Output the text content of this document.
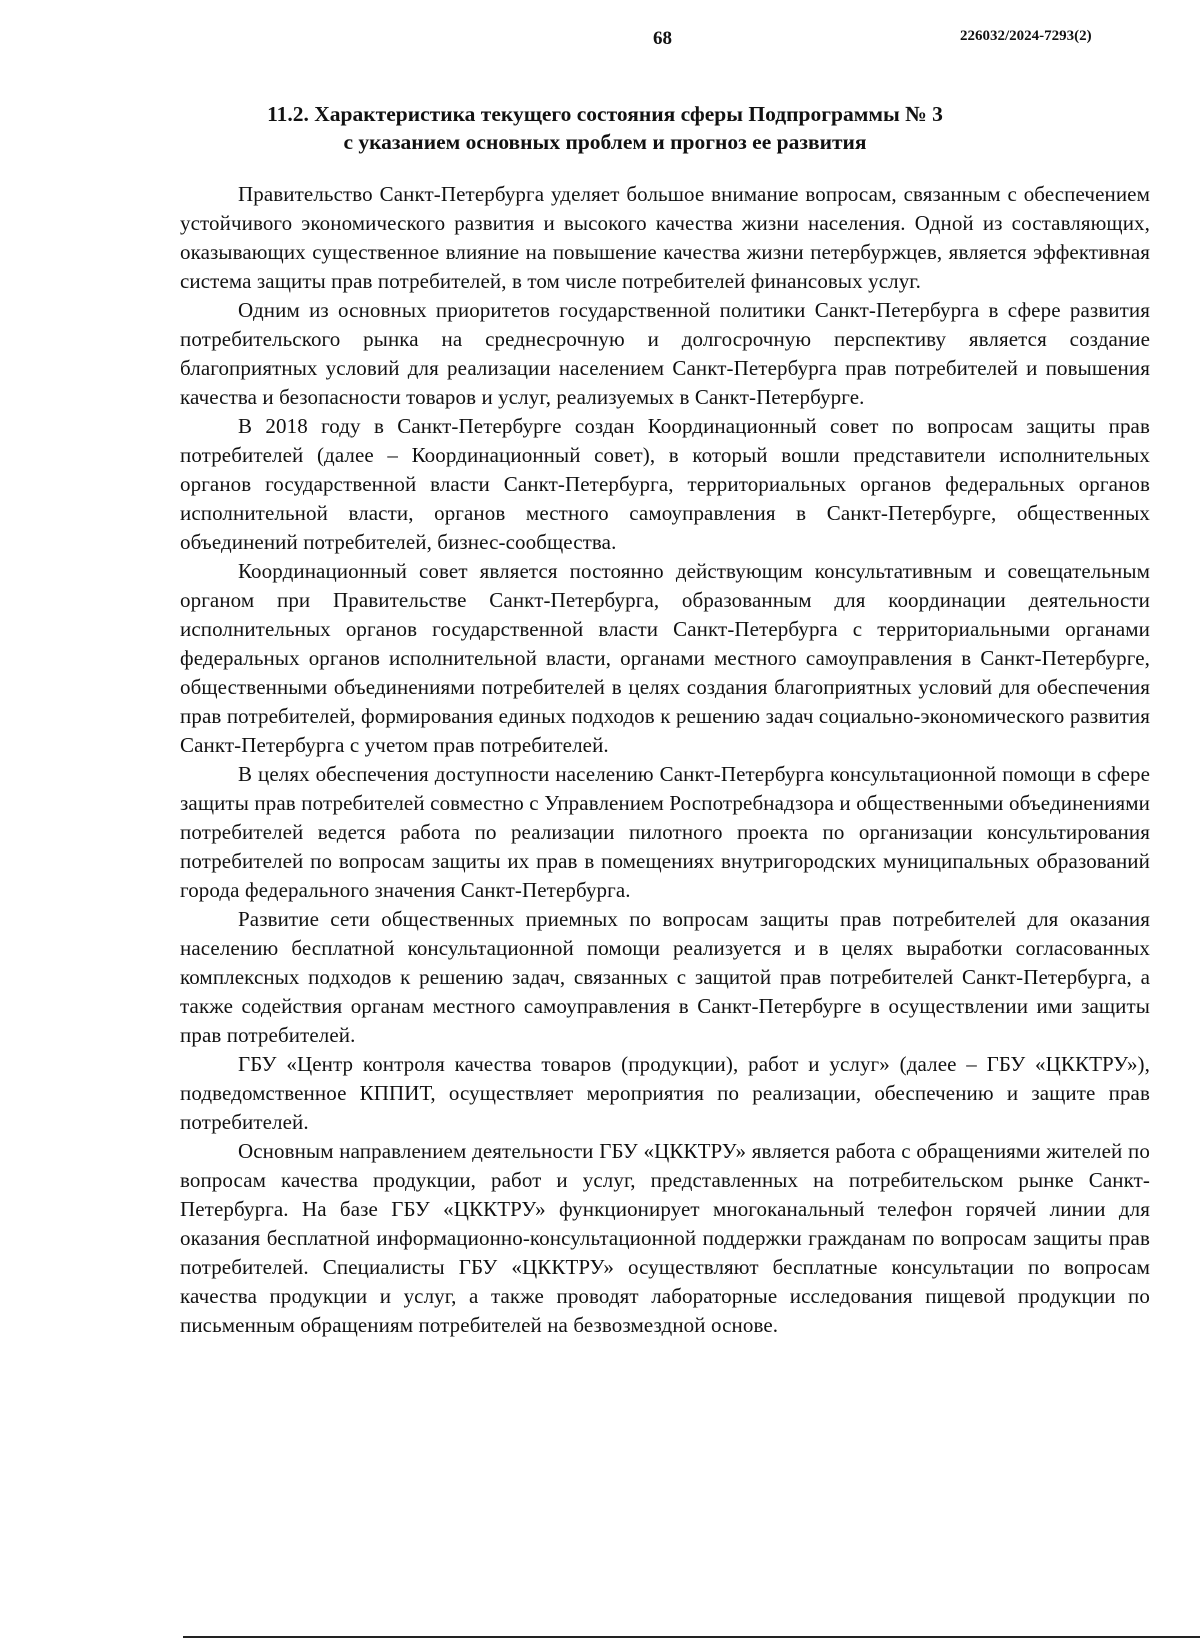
68	226032/2024-7293(2)
11.2. Характеристика текущего состояния сферы Подпрограммы № 3
с указанием основных проблем и прогноз ее развития

Правительство Санкт-Петербурга уделяет большое внимание вопросам, связанным с обеспечением устойчивого экономического развития и высокого качества жизни населения. Одной из составляющих, оказывающих существенное влияние на повышение качества жизни петербуржцев, является эффективная система защиты прав потребителей, в том числе потребителей финансовых услуг.

Одним из основных приоритетов государственной политики Санкт-Петербурга в сфере развития потребительского рынка на среднесрочную и долгосрочную перспективу является создание благоприятных условий для реализации населением Санкт-Петербурга прав потребителей и повышения качества и безопасности товаров и услуг, реализуемых в Санкт-Петербурге.

В 2018 году в Санкт-Петербурге создан Координационный совет по вопросам защиты прав потребителей (далее – Координационный совет), в который вошли представители исполнительных органов государственной власти Санкт-Петербурга, территориальных органов федеральных органов исполнительной власти, органов местного самоуправления в Санкт-Петербурге, общественных объединений потребителей, бизнес-сообщества.

Координационный совет является постоянно действующим консультативным и совещательным органом при Правительстве Санкт-Петербурга, образованным для координации деятельности исполнительных органов государственной власти Санкт-Петербурга с территориальными органами федеральных органов исполнительной власти, органами местного самоуправления в Санкт-Петербурге, общественными объединениями потребителей в целях создания благоприятных условий для обеспечения прав потребителей, формирования единых подходов к решению задач социально-экономического развития Санкт-Петербурга с учетом прав потребителей.

В целях обеспечения доступности населению Санкт-Петербурга консультационной помощи в сфере защиты прав потребителей совместно с Управлением Роспотребнадзора и общественными объединениями потребителей ведется работа по реализации пилотного проекта по организации консультирования потребителей по вопросам защиты их прав в помещениях внутригородских муниципальных образований города федерального значения Санкт-Петербурга.

Развитие сети общественных приемных по вопросам защиты прав потребителей для оказания населению бесплатной консультационной помощи реализуется и в целях выработки согласованных комплексных подходов к решению задач, связанных с защитой прав потребителей Санкт-Петербурга, а также содействия органам местного самоуправления в Санкт-Петербурге в осуществлении ими защиты прав потребителей.

ГБУ «Центр контроля качества товаров (продукции), работ и услуг» (далее – ГБУ «ЦККТРУ»), подведомственное КППИТ, осуществляет мероприятия по реализации, обеспечению и защите прав потребителей.

Основным направлением деятельности ГБУ «ЦККТРУ» является работа с обращениями жителей по вопросам качества продукции, работ и услуг, представленных на потребительском рынке Санкт-Петербурга. На базе ГБУ «ЦККТРУ» функционирует многоканальный телефон горячей линии для оказания бесплатной информационно-консультационной поддержки гражданам по вопросам защиты прав потребителей. Специалисты ГБУ «ЦККТРУ» осуществляют бесплатные консультации по вопросам качества продукции и услуг, а также проводят лабораторные исследования пищевой продукции по письменным обращениям потребителей на безвозмездной основе.
